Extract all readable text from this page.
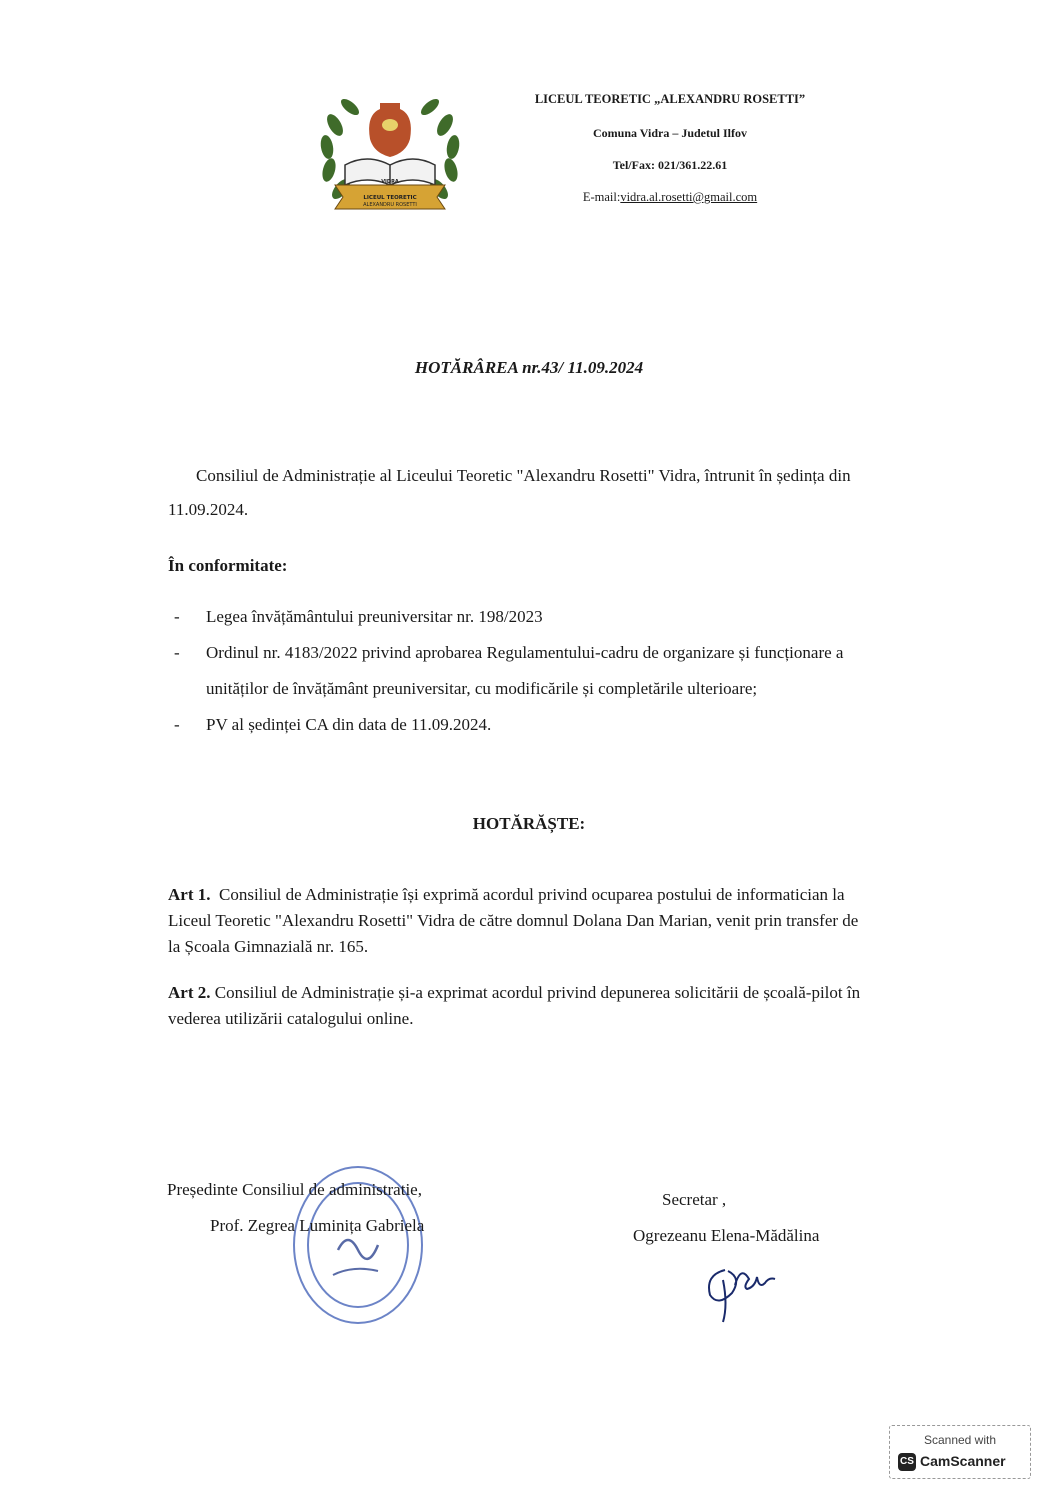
VIDRA
LICEUL TEORETIC
ALEXANDRU ROSETTI
LICEUL TEORETIC „ALEXANDRU ROSETTI”
Comuna Vidra – Judetul Ilfov
Tel/Fax: 021/361.22.61
E-mail:vidra.al.rosetti@gmail.com
HOTĂRÂREA nr.43/ 11.09.2024
Consiliul de Administrație al Liceului Teoretic "Alexandru Rosetti" Vidra, întrunit în ședința din 11.09.2024.
În conformitate:
- Legea învățământului preuniversitar nr. 198/2023
- Ordinul nr. 4183/2022 privind aprobarea Regulamentului-cadru de organizare și funcționare a unităților de învățământ preuniversitar, cu modificările și completările ulterioare;
- PV al ședinței CA din data de 11.09.2024.
HOTĂRĂȘTE:
Art 1. Consiliul de Administrație își exprimă acordul privind ocuparea postului de informatician la Liceul Teoretic "Alexandru Rosetti" Vidra de către domnul Dolana Dan Marian, venit prin transfer de la Școala Gimnazială nr. 165.
Art 2. Consiliul de Administrație și-a exprimat acordul privind depunerea solicitării de școală-pilot în vederea utilizării catalogului online.
Președinte Consiliul de administratie,
Prof. Zegrea Luminița Gabriela
Secretar ,
Ogrezeanu Elena-Mădălina
Scanned with
CS CamScanner
